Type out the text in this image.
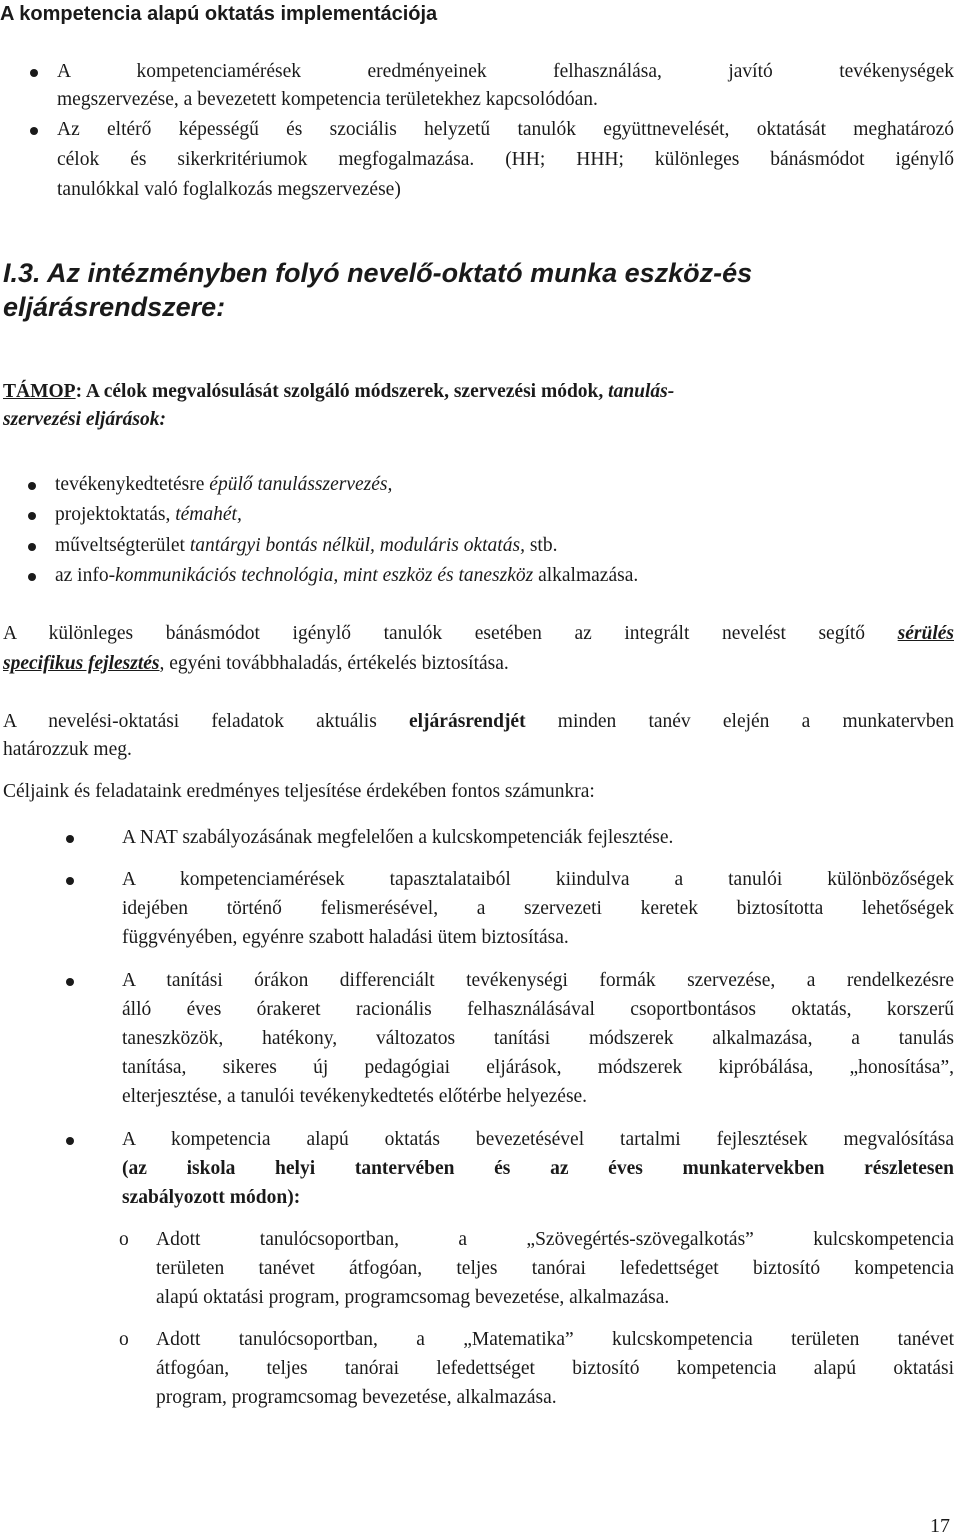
A kompetencia alapú oktatás implementációja
A kompetenciamérések eredményeinek felhasználása, javító tevékenységek
megszervezése, a bevezetett kompetencia területekhez kapcsolódóan.
Az eltérő képességű és szociális helyzetű tanulók együttnevelését, oktatását meghatározó
célok és sikerkritériumok megfogalmazása. (HH; HHH; különleges bánásmódot igénylő
tanulókkal való foglalkozás megszervezése)
I.3. Az intézményben folyó nevelő-oktató munka eszköz-és
eljárásrendszere:
TÁMOP: A célok megvalósulását szolgáló módszerek, szervezési módok, tanulás-
szervezési eljárások:
tevékenykedtetésre épülő tanulásszervezés,
projektoktatás, témahét,
műveltségterület tantárgyi bontás nélkül, moduláris oktatás, stb.
az info-kommunikációs technológia, mint eszköz és taneszköz alkalmazása.
A különleges bánásmódot igénylő tanulók esetében az integrált nevelést segítő sérülés
specifikus fejlesztés, egyéni továbbhaladás, értékelés biztosítása.
A nevelési-oktatási feladatok aktuális eljárásrendjét minden tanév elején a munkatervben
határozzuk meg.
Céljaink és feladataink eredményes teljesítése érdekében fontos számunkra:
A NAT szabályozásának megfelelően a kulcskompetenciák fejlesztése.
A kompetenciamérések tapasztalataiból kiindulva a tanulói különbözőségek
idejében történő felismerésével, a szervezeti keretek biztosította lehetőségek
függvényében, egyénre szabott haladási ütem biztosítása.
A tanítási órákon differenciált tevékenységi formák szervezése, a rendelkezésre
álló éves órakeret racionális felhasználásával csoportbontásos oktatás, korszerű
taneszközök, hatékony, változatos tanítási módszerek alkalmazása, a tanulás
tanítása, sikeres új pedagógiai eljárások, módszerek kipróbálása, „honosítása”,
elterjesztése, a tanulói tevékenykedtetés előtérbe helyezése.
A kompetencia alapú oktatás bevezetésével tartalmi fejlesztések megvalósítása
(az iskola helyi tantervében és az éves munkatervekben részletesen
szabályozott módon):
o Adott tanulócsoportban, a „Szövegértés-szövegalkotás” kulcskompetencia
területen tanévet átfogóan, teljes tanórai lefedettséget biztosító kompetencia
alapú oktatási program, programcsomag bevezetése, alkalmazása.
o Adott tanulócsoportban, a „Matematika” kulcskompetencia területen tanévet
átfogóan, teljes tanórai lefedettséget biztosító kompetencia alapú oktatási
program, programcsomag bevezetése, alkalmazása.
17
